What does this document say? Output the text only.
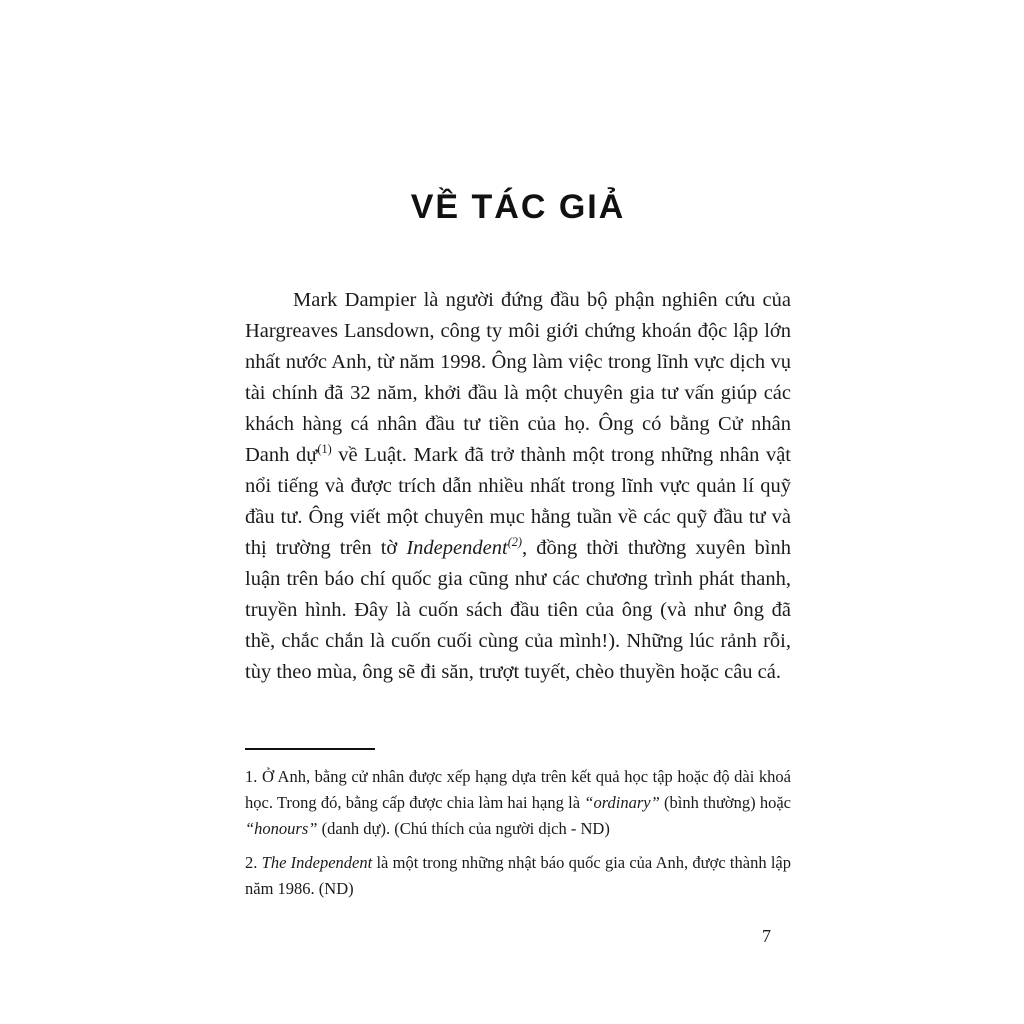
VỀ TÁC GIẢ

Mark Dampier là người đứng đầu bộ phận nghiên cứu của Hargreaves Lansdown, công ty môi giới chứng khoán độc lập lớn nhất nước Anh, từ năm 1998. Ông làm việc trong lĩnh vực dịch vụ tài chính đã 32 năm, khởi đầu là một chuyên gia tư vấn giúp các khách hàng cá nhân đầu tư tiền của họ. Ông có bằng Cử nhân Danh dự$^{(1)}$ về Luật. Mark đã trở thành một trong những nhân vật nổi tiếng và được trích dẫn nhiều nhất trong lĩnh vực quản lí quỹ đầu tư. Ông viết một chuyên mục hằng tuần về các quỹ đầu tư và thị trường trên tờ Independent$^{(2)}$, đồng thời thường xuyên bình luận trên báo chí quốc gia cũng như các chương trình phát thanh, truyền hình. Đây là cuốn sách đầu tiên của ông (và như ông đã thề, chắc chắn là cuốn cuối cùng của mình!). Những lúc rảnh rỗi, tùy theo mùa, ông sẽ đi săn, trượt tuyết, chèo thuyền hoặc câu cá.

1. Ở Anh, bằng cử nhân được xếp hạng dựa trên kết quả học tập hoặc độ dài khoá học. Trong đó, bằng cấp được chia làm hai hạng là “ordinary” (bình thường) hoặc “honours” (danh dự). (Chú thích của người dịch - ND)

2. The Independent là một trong những nhật báo quốc gia của Anh, được thành lập năm 1986. (ND)

7
